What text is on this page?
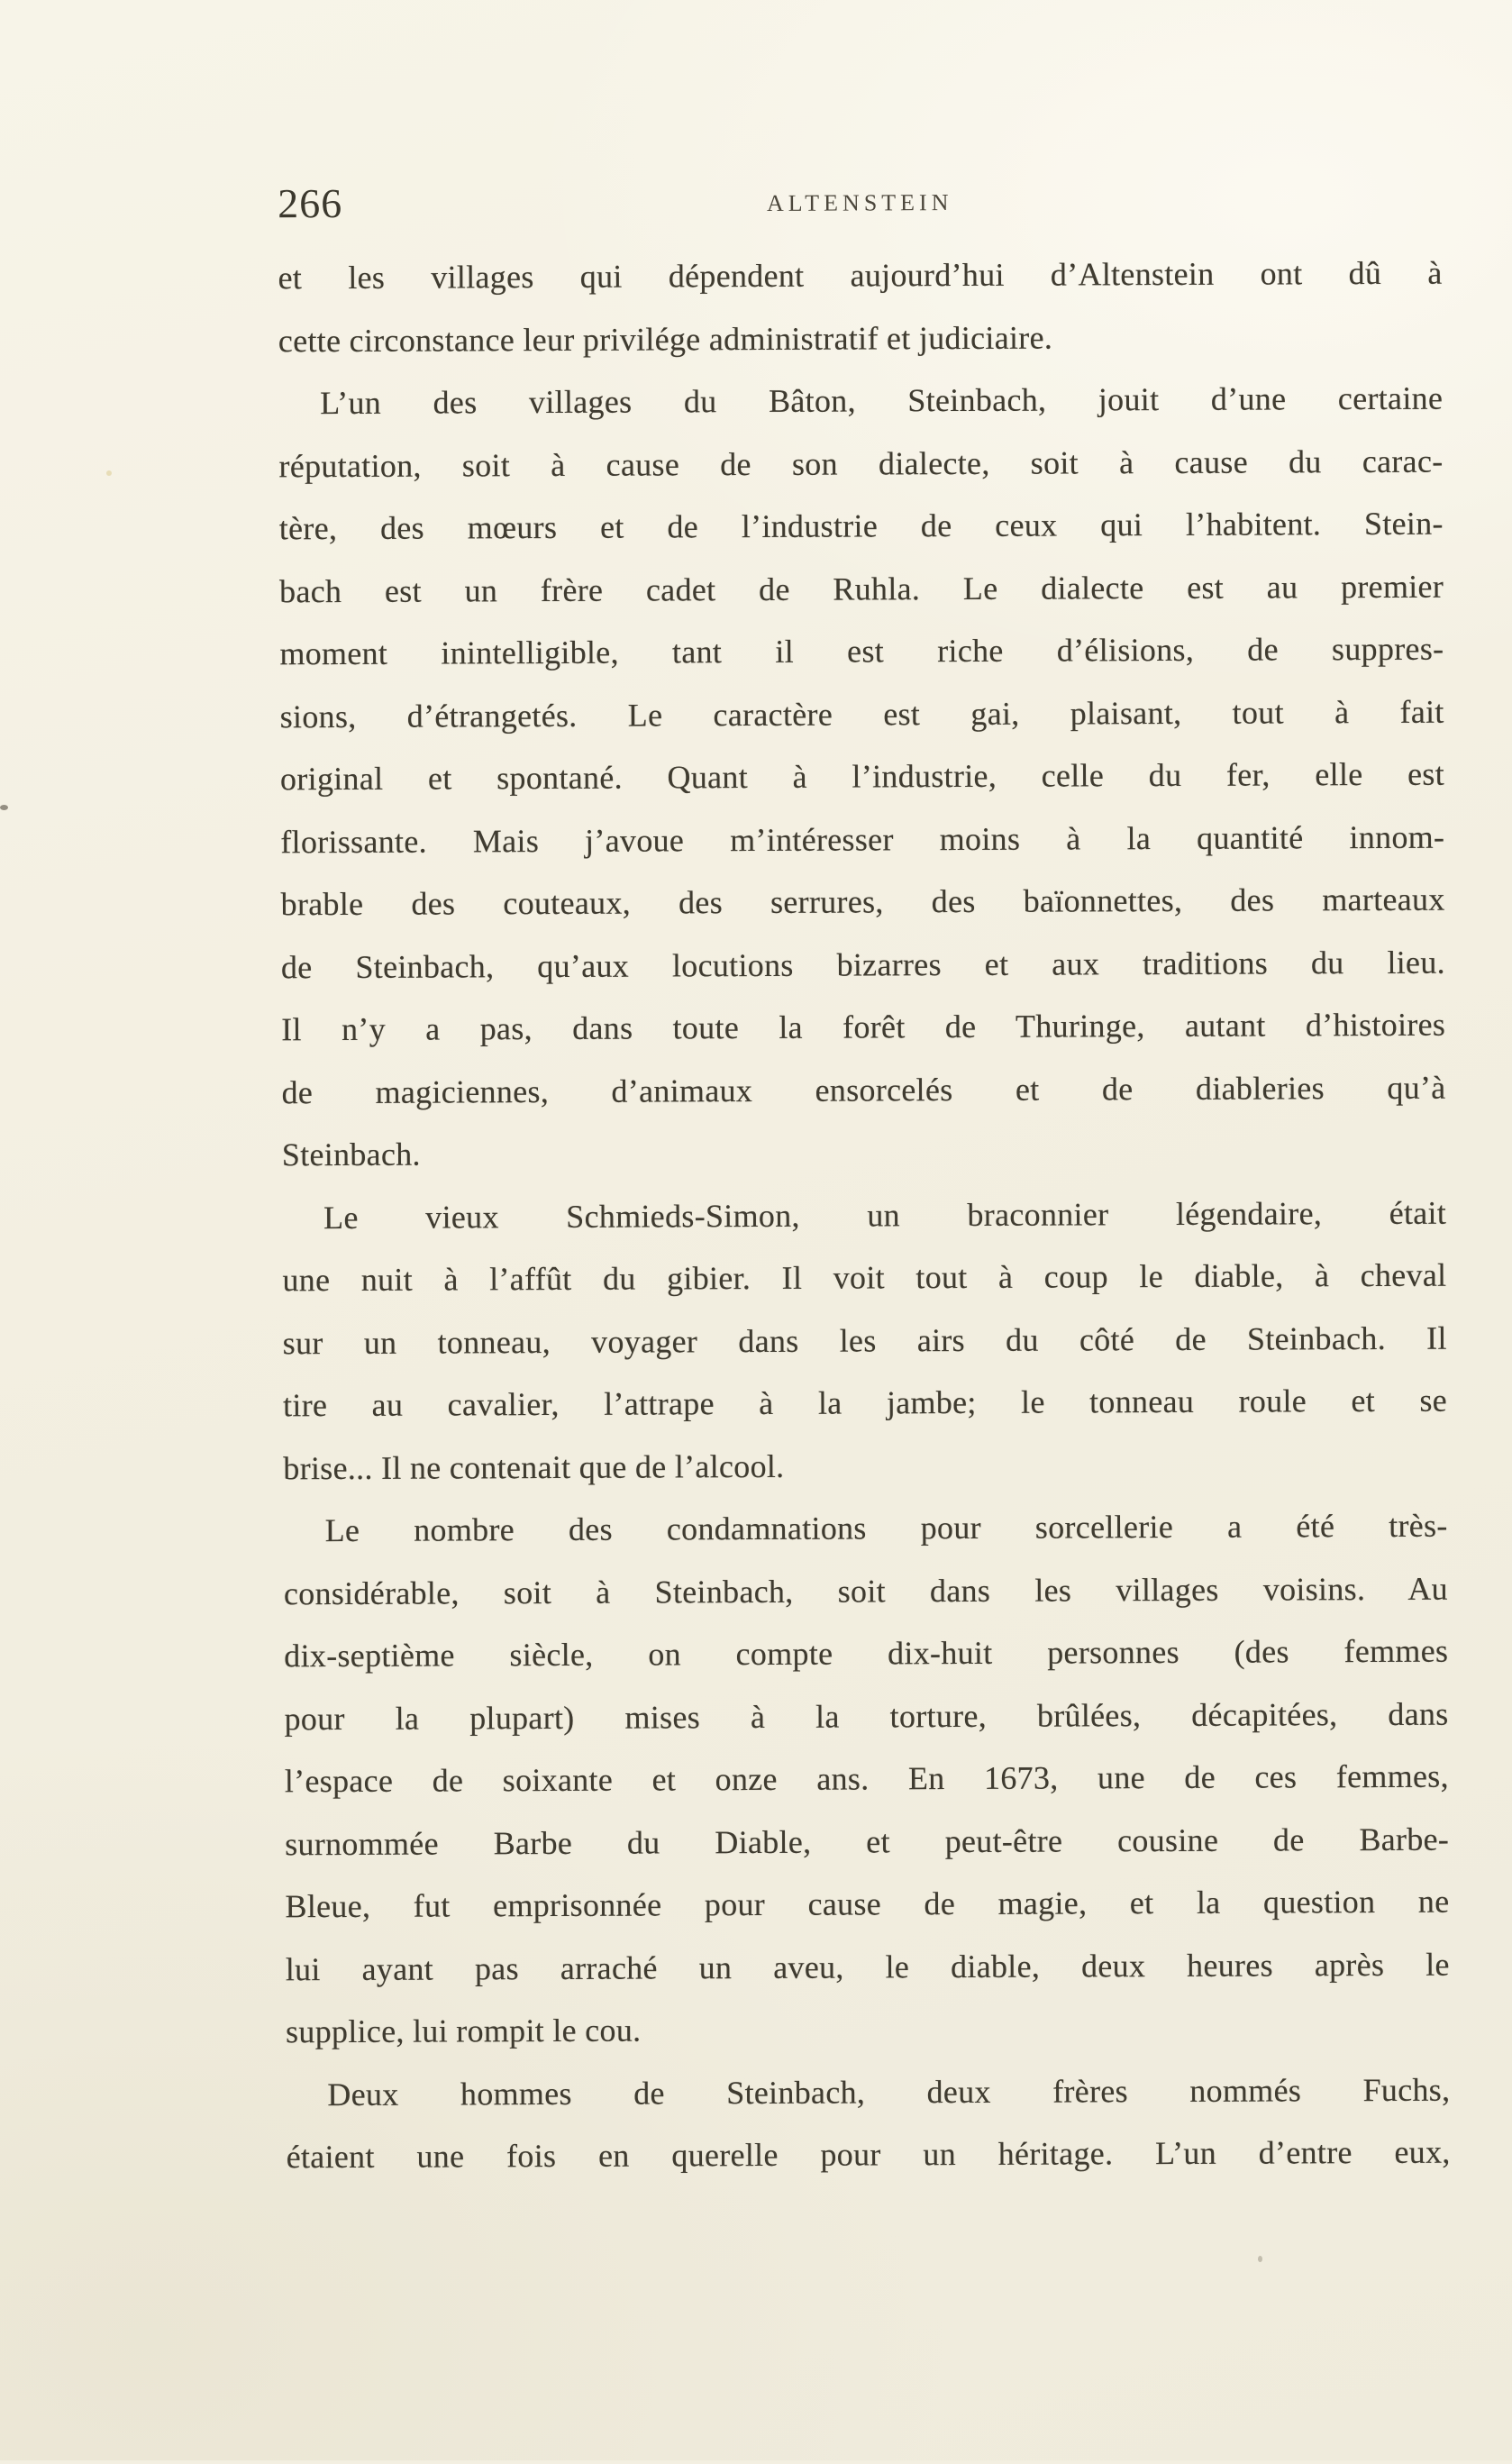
266	ALTENSTEIN
et les villages qui dépendent aujourd’hui d’Altenstein ont dû à
cette circonstance leur privilége administratif et judiciaire.
L’un des villages du Bâton, Steinbach, jouit d’une certaine
réputation, soit à cause de son dialecte, soit à cause du carac-
tère, des mœurs et de l’industrie de ceux qui l’habitent. Stein-
bach est un frère cadet de Ruhla. Le dialecte est au premier
moment inintelligible, tant il est riche d’élisions, de suppres-
sions, d’étrangetés. Le caractère est gai, plaisant, tout à fait
original et spontané. Quant à l’industrie, celle du fer, elle est
florissante. Mais j’avoue m’intéresser moins à la quantité innom-
brable des couteaux, des serrures, des baïonnettes, des marteaux
de Steinbach, qu’aux locutions bizarres et aux traditions du lieu.
Il n’y a pas, dans toute la forêt de Thuringe, autant d’histoires
de magiciennes, d’animaux ensorcelés et de diableries qu’à
Steinbach.
Le vieux Schmieds-Simon, un braconnier légendaire, était
une nuit à l’affût du gibier. Il voit tout à coup le diable, à cheval
sur un tonneau, voyager dans les airs du côté de Steinbach. Il
tire au cavalier, l’attrape à la jambe; le tonneau roule et se
brise... Il ne contenait que de l’alcool.
Le nombre des condamnations pour sorcellerie a été très-
considérable, soit à Steinbach, soit dans les villages voisins. Au
dix-septième siècle, on compte dix-huit personnes (des femmes
pour la plupart) mises à la torture, brûlées, décapitées, dans
l’espace de soixante et onze ans. En 1673, une de ces femmes,
surnommée Barbe du Diable, et peut-être cousine de Barbe-
Bleue, fut emprisonnée pour cause de magie, et la question ne
lui ayant pas arraché un aveu, le diable, deux heures après le
supplice, lui rompit le cou.
Deux hommes de Steinbach, deux frères nommés Fuchs,
étaient une fois en querelle pour un héritage. L’un d’entre eux,
